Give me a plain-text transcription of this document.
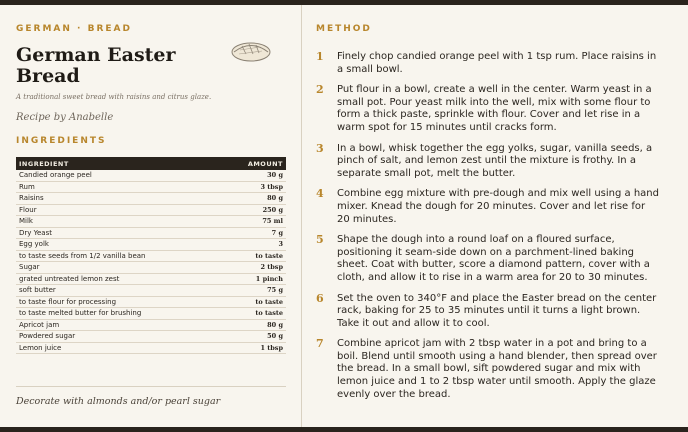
GERMAN · BREAD
German Easter Bread
A traditional sweet bread with raisins and citrus glaze.
Recipe by Anabelle
INGREDIENTS
INGREDIENT	AMOUNT
Candied orange peel	30 g
Rum	3 tbsp
Raisins	80 g
Flour	250 g
Milk	75 ml
Dry Yeast	7 g
Egg yolk	3
to taste seeds from 1/2 vanilla bean	to taste
Sugar	2 tbsp
grated untreated lemon zest	1 pinch
soft butter	75 g
to taste flour for processing	to taste
to taste melted butter for brushing	to taste
Apricot jam	80 g
Powdered sugar	50 g
Lemon juice	1 tbsp
Decorate with almonds and/or pearl sugar
METHOD
1 Finely chop candied orange peel with 1 tsp rum. Place raisins in a small bowl.
2 Put flour in a bowl, create a well in the center. Warm yeast in a small pot. Pour yeast milk into the well, mix with some flour to form a thick paste, sprinkle with flour. Cover and let rise in a warm spot for 15 minutes until cracks form.
3 In a bowl, whisk together the egg yolks, sugar, vanilla seeds, a pinch of salt, and lemon zest until the mixture is frothy. In a separate small pot, melt the butter.
4 Combine egg mixture with pre-dough and mix well using a hand mixer. Knead the dough for 20 minutes. Cover and let rise for 20 minutes.
5 Shape the dough into a round loaf on a floured surface, positioning it seam-side down on a parchment-lined baking sheet. Coat with butter, score a diamond pattern, cover with a cloth, and allow it to rise in a warm area for 20 to 30 minutes.
6 Set the oven to 340°F and place the Easter bread on the center rack, baking for 25 to 35 minutes until it turns a light brown. Take it out and allow it to cool.
7 Combine apricot jam with 2 tbsp water in a pot and bring to a boil. Blend until smooth using a hand blender, then spread over the bread. In a small bowl, sift powdered sugar and mix with lemon juice and 1 to 2 tbsp water until smooth. Apply the glaze evenly over the bread.
